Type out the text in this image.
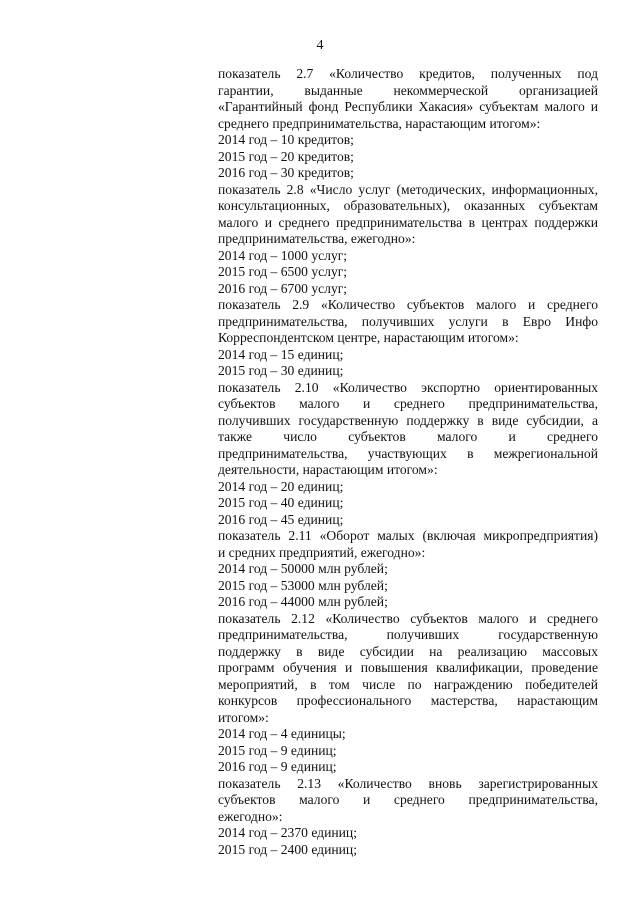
4
показатель 2.7 «Количество кредитов, полученных под
гарантии, выданные некоммерческой организацией
«Гарантийный фонд Республики Хакасия» субъектам малого и
среднего предпринимательства, нарастающим итогом»:
2014 год – 10 кредитов;
2015 год – 20 кредитов;
2016 год – 30 кредитов;
показатель 2.8 «Число услуг (методических, информационных,
консультационных, образовательных), оказанных субъектам
малого и среднего предпринимательства в центрах поддержки
предпринимательства, ежегодно»:
2014 год – 1000 услуг;
2015 год – 6500 услуг;
2016 год – 6700 услуг;
показатель 2.9 «Количество субъектов малого и среднего
предпринимательства, получивших услуги в Евро Инфо
Корреспондентском центре, нарастающим итогом»:
2014 год – 15 единиц;
2015 год – 30 единиц;
показатель 2.10 «Количество экспортно ориентированных
субъектов малого и среднего предпринимательства,
получивших государственную поддержку в виде субсидии, а
также число субъектов малого и среднего
предпринимательства, участвующих в межрегиональной
деятельности, нарастающим итогом»:
2014 год – 20 единиц;
2015 год – 40 единиц;
2016 год – 45 единиц;
показатель 2.11 «Оборот малых (включая микропредприятия)
и средних предприятий, ежегодно»:
2014 год – 50000 млн рублей;
2015 год – 53000 млн рублей;
2016 год – 44000 млн рублей;
показатель 2.12 «Количество субъектов малого и среднего
предпринимательства, получивших государственную
поддержку в виде субсидии на реализацию массовых
программ обучения и повышения квалификации, проведение
мероприятий, в том числе по награждению победителей
конкурсов профессионального мастерства, нарастающим
итогом»:
2014 год – 4 единицы;
2015 год – 9 единиц;
2016 год – 9 единиц;
показатель 2.13 «Количество вновь зарегистрированных
субъектов малого и среднего предпринимательства,
ежегодно»:
2014 год – 2370 единиц;
2015 год – 2400 единиц;
